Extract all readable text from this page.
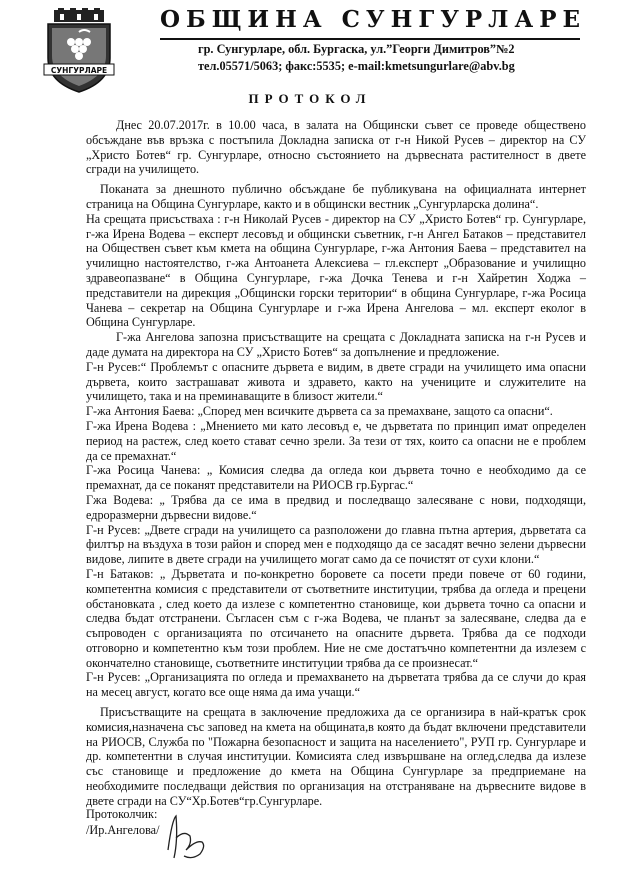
СУНГУРЛАРЕ
ОБЩИНА СУНГУРЛАРЕ
гр. Сунгурларе, обл. Бургаска, ул.”Георги Димитров”№2
тел.05571/5063; факс:5535; e-mail:kmetsungurlare@abv.bg
ПРОТОКОЛ

Днес 20.07.2017г. в 10.00 часа, в залата на Общински съвет се проведе обществено обсъждане във връзка с постъпила Докладна записка от г-н Никой Русев – директор на СУ „Христо Ботев“ гр. Сунгурларе, относно състоянието на дървесната растителност в двете сгради на училището.

Поканата за днешното публично обсъждане бе публикувана на официалната интернет страница на Община Сунгурларе, както и в общински вестник „Сунгурларска долина“.

На срещата присъстваха : г-н Николай Русев - директор на СУ „Христо Ботев“ гр. Сунгурларе, г-жа Ирена Водева – експерт лесовъд и общински съветник, г-н Ангел Батаков – представител на Обществен съвет към кмета на община Сунгурларе, г-жа Антония Баева – представител на училищно настоятелство, г-жа Антоанета Алексиева – гл.експерт „Образование и училищно здравеопазване“ в Община Сунгурларе, г-жа Дочка Тенева и г-н Хайретин Ходжа – представители на дирекция „Общински горски територии“ в община Сунгурларе, г-жа Росица Чанева – секретар на Община Сунгурларе и г-жа Ирена Ангелова – мл. експерт еколог в Община Сунгурларе.

Г-жа Ангелова запозна присъстващите на срещата с Докладната записка на г-н Русев и даде думата на директора на СУ „Христо Ботев“ за допълнение и предложение.

Г-н Русев:“ Проблемът с опасните дървета е видим, в двете сгради на училището има опасни дървета, които застрашават живота и здравето, както на учениците и служителите на училището, така и на преминаващите в близост жители.“

Г-жа Антония Баева: „Според мен всичките дървета са за премахване, защото са опасни“.

Г-жа Ирена Водева : „Мнението ми като лесовъд е, че дърветата по принцип имат определен период на растеж, след което стават сечно зрели. За тези от тях, които са опасни не е проблем да се премахнат.“

Г-жа Росица Чанева: „ Комисия следва да огледа кои дървета точно е необходимо да се премахнат, да се поканят представители на РИОСВ гр.Бургас.“

Гжа Водева: „ Трябва да се има в предвид и последващо залесяване с нови, подходящи, едроразмерни дървесни видове.“

Г-н Русев: „Двете сгради на училището са разположени до главна пътна артерия, дърветата са филтър на въздуха в този район и според мен е подходящо да се засадят вечно зелени дървесни видове, липите в двете сгради на училището могат само да се почистят от сухи клони.“

Г-н Батаков: „ Дърветата и по-конкретно боровете са посети преди повече от 60 години, компетентна комисия с представители от съответните институции, трябва да огледа и прецени обстановката , след което да излезе с компетентно становище, кои дървета точно са опасни и следва бъдат отстранени. Съгласен съм с г-жа Водева, че планът за залесяване, следва да е съпроводен с организацията по отсичането на опасните дървета. Трябва да се подходи отговорно и компетентно към този проблем. Ние не сме достатъчно компетентни да излезем с окончателно становище, съответните институции трябва да се произнесат.“

Г-н Русев: „Организацията по огледа и премахването на дърветата трябва да се случи до края на месец август, когато все още няма да има учащи.“

Присъстващите на срещата в заключение предложиха да се организира в най-кратък срок комисия,назначена със заповед на кмета на общината,в която да бъдат включени представители на РИОСВ, Служба по "Пожарна безопасност и защита на населението", РУП гр. Сунгурларе и др. компетентни в случая институции. Комисията след извършване на оглед,следва да излезе със становище и предложение до кмета на Община Сунгурларе за предприемане на необходимите последващи действия по организация на отстраняване на дървесните видове в двете сгради на СУ“Хр.Ботев“гр.Сунгурларе.

Протоколчик:
/Ир.Ангелова/
